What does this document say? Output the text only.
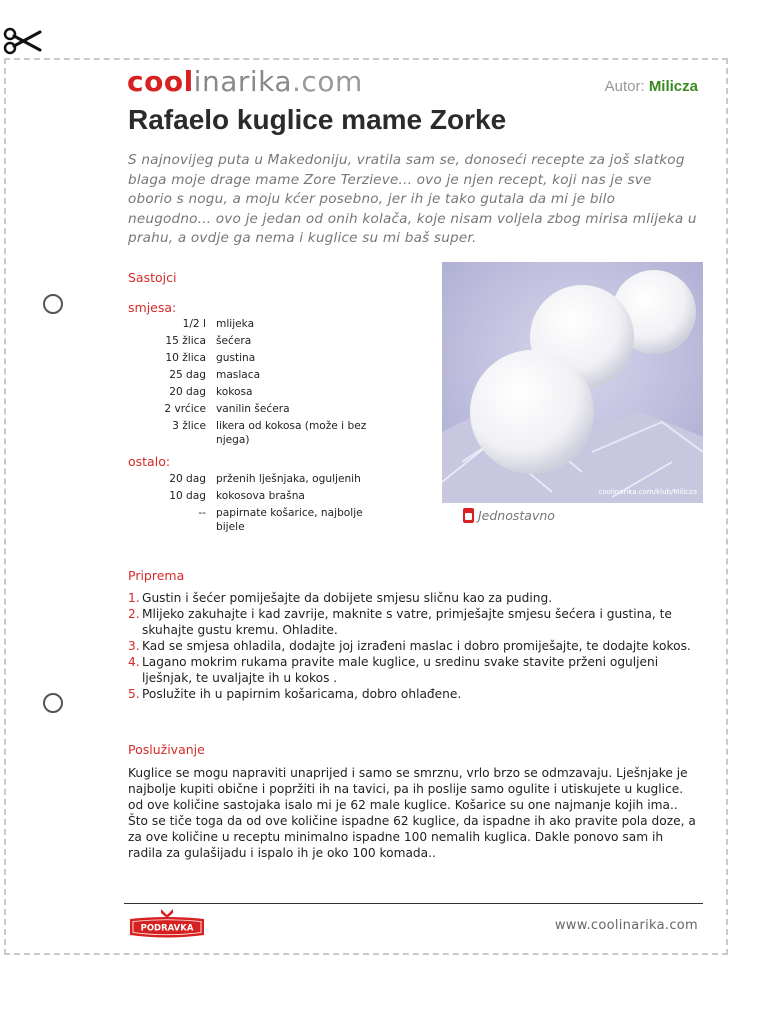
coolinarika.com	Autor: Milicza
Rafaelo kuglice mame Zorke
S najnovijeg puta u Makedoniju, vratila sam se, donoseći recepte za još slatkog blaga moje drage mame Zore Terzieve... ovo je njen recept, koji nas je sve oborio s nogu, a moju kćer posebno, jer ih je tako gutala da mi je bilo neugodno... ovo je jedan od onih kolača, koje nisam voljela zbog mirisa mlijeka u prahu, a ovdje ga nema i kuglice su mi baš super.
Sastojci
smjesa:
1/2 l mlijeka
15 žlica šećera
10 žlica gustina
25 dag maslaca
20 dag kokosa
2 vrćice vanilin šećera
3 žlice likera od kokosa (može i bez njega)
ostalo:
20 dag prženih lješnjaka, oguljenih
10 dag kokosova brašna
-- papirnate košarice, najbolje bijele
coolinarika.com/klub/Milicza
Jednostavno
Priprema
1. Gustin i šećer pomiješajte da dobijete smjesu sličnu kao za puding.
2. Mlijeko zakuhajte i kad zavrije, maknite s vatre, primješajte smjesu šećera i gustina, te skuhajte gustu kremu. Ohladite.
3. Kad se smjesa ohladila, dodajte joj izrađeni maslac i dobro promiješajte, te dodajte kokos.
4. Lagano mokrim rukama pravite male kuglice, u sredinu svake stavite prženi oguljeni lješnjak, te uvaljajte ih u kokos .
5. Poslužite ih u papirnim košaricama, dobro ohlađene.
Posluživanje
Kuglice se mogu napraviti unaprijed i samo se smrznu, vrlo brzo se odmzavaju. Lješnjake je najbolje kupiti obične i popržiti ih na tavici, pa ih poslije samo ogulite i utiskujete u kuglice. od ove količine sastojaka isalo mi je 62 male kuglice. Košarice su one najmanje kojih ima.. Što se tiče toga da od ove količine ispadne 62 kuglice, da ispadne ih ako pravite pola doze, a za ove količine u receptu minimalno ispadne 100 nemalih kuglica. Dakle ponovo sam ih radila za gulašijadu i ispalo ih je oko 100 komada..
PODRAVKA	www.coolinarika.com
